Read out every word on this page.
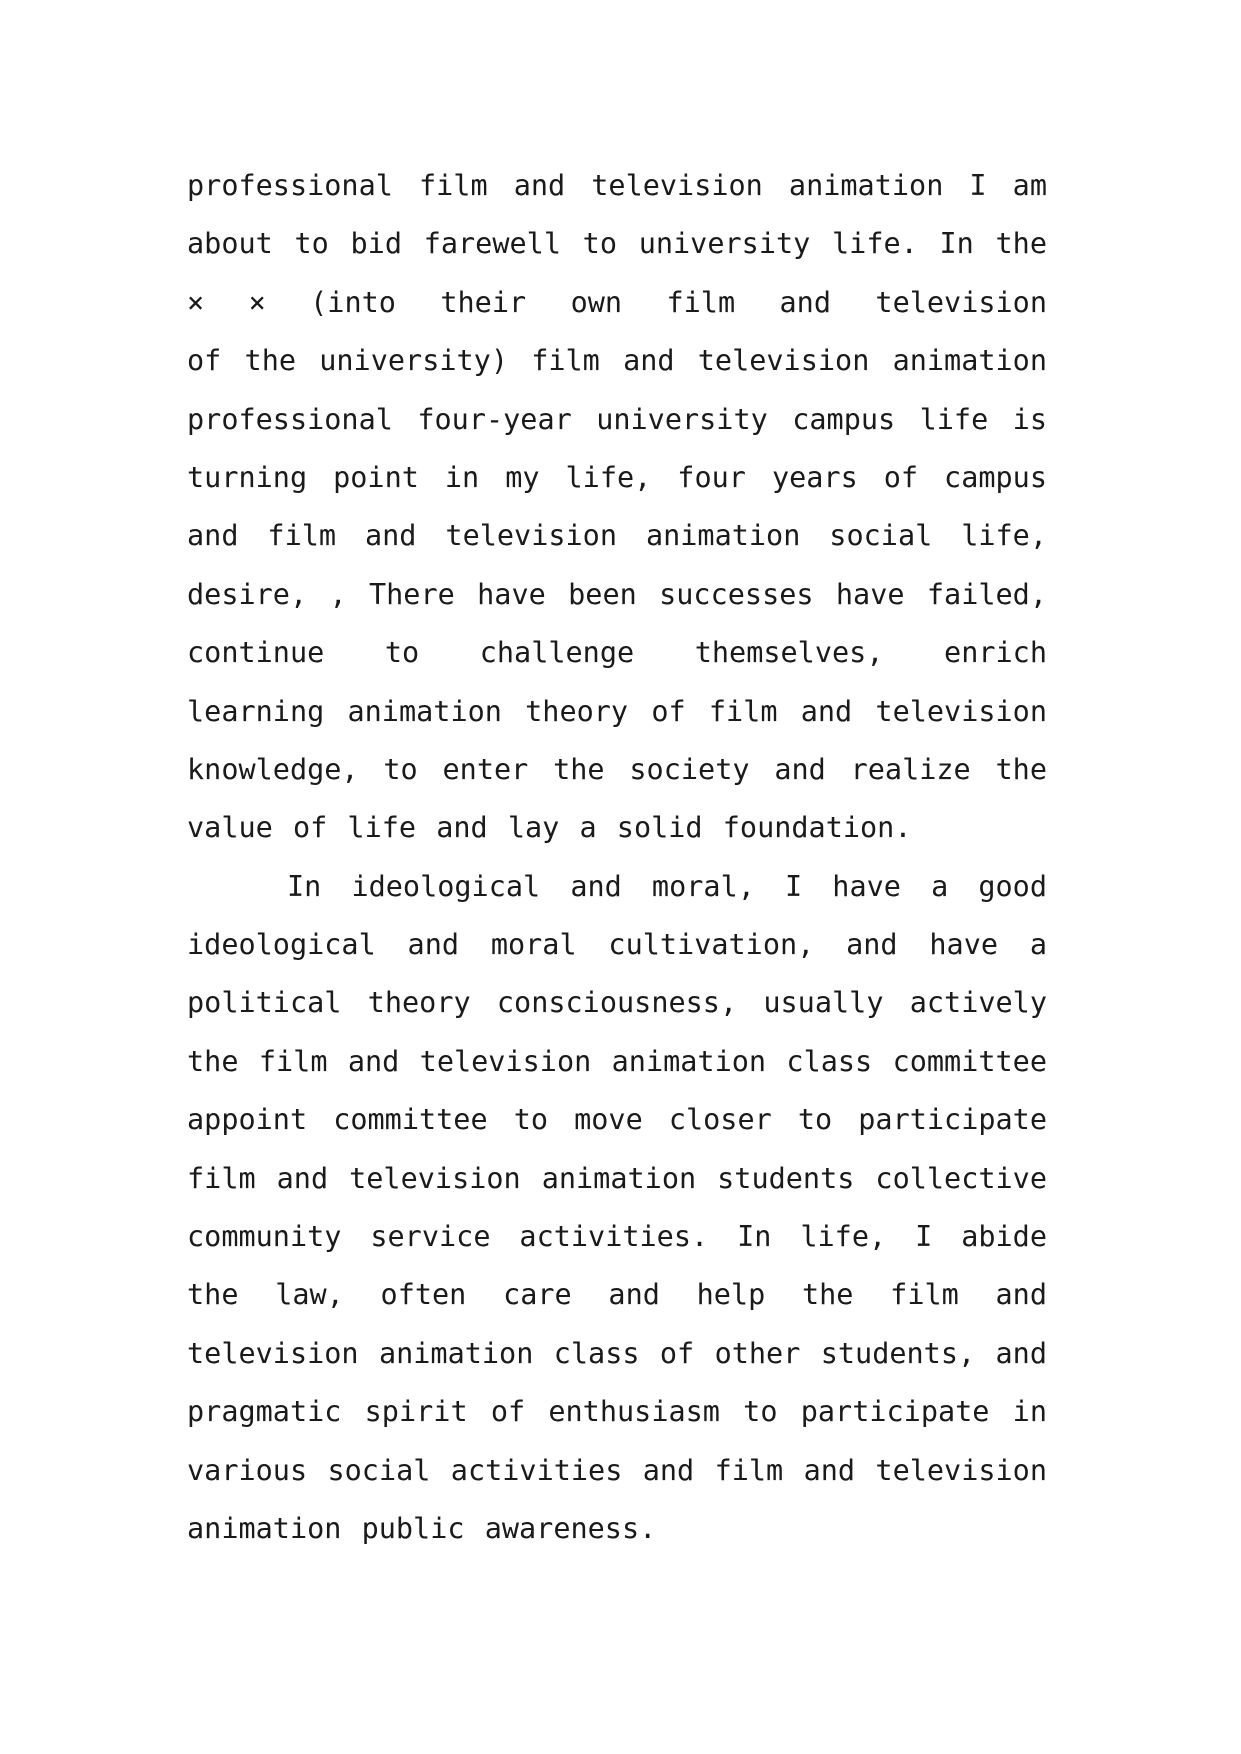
professional film and television animation I am
about to bid farewell to university life. In the
× × (into their own film and television
of the university) film and television animation
professional four-year university campus life is
turning point in my life, four years of campus
and film and television animation social life,
desire, , There have been successes have failed,
continue to challenge themselves, enrich
learning animation theory of film and television
knowledge, to enter the society and realize the
value of life and lay a solid foundation.
In ideological and moral, I have a good
ideological and moral cultivation, and have a
political theory consciousness, usually actively
the film and television animation class committee
appoint committee to move closer to participate
film and television animation students collective
community service activities. In life, I abide
the law, often care and help the film and
television animation class of other students, and
pragmatic spirit of enthusiasm to participate in
various social activities and film and television
animation public awareness.
